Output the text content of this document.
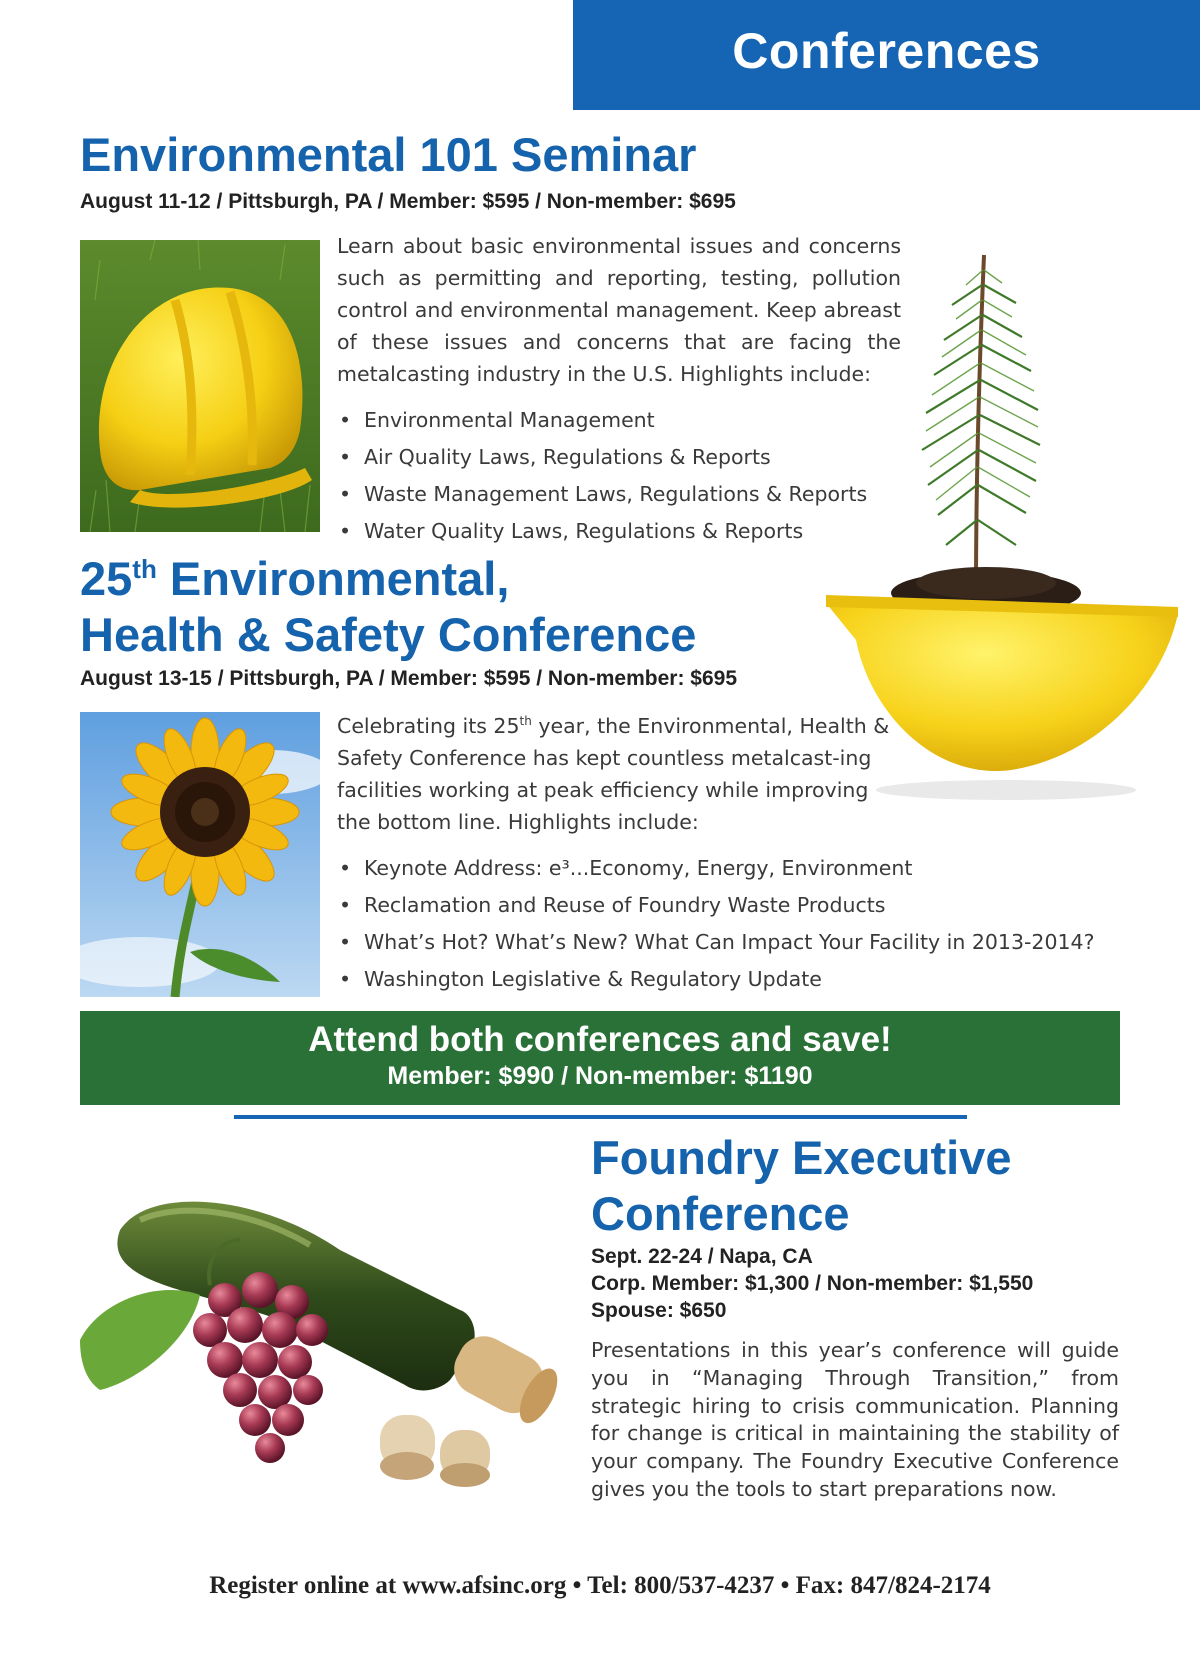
Conferences
Environmental 101 Seminar
August 11-12 / Pittsburgh, PA / Member: $595 / Non-member: $695
Learn about basic environmental issues and concerns such as permitting and reporting, testing, pollution control and environmental management. Keep abreast of these issues and concerns that are facing the metalcasting industry in the U.S. Highlights include:
• Environmental Management
• Air Quality Laws, Regulations & Reports
• Waste Management Laws, Regulations & Reports
• Water Quality Laws, Regulations & Reports
25th Environmental,
Health & Safety Conference
August 13-15 / Pittsburgh, PA / Member: $595 / Non-member: $695
Celebrating its 25th year, the Environmental, Health & Safety Conference has kept countless metalcast-ing facilities working at peak efficiency while improving the bottom line. Highlights include:
• Keynote Address: e³...Economy, Energy, Environment
• Reclamation and Reuse of Foundry Waste Products
• What’s Hot? What’s New? What Can Impact Your Facility in 2013-2014?
• Washington Legislative & Regulatory Update
Attend both conferences and save!
Member: $990 / Non-member: $1190
Foundry Executive
Conference
Sept. 22-24 / Napa, CA
Corp. Member: $1,300 / Non-member: $1,550
Spouse: $650
Presentations in this year’s conference will guide you in “Managing Through Transition,” from strategic hiring to crisis communication. Planning for change is critical in maintaining the stability of your company. The Foundry Executive Conference gives you the tools to start preparations now.
Register online at www.afsinc.org • Tel: 800/537-4237 • Fax: 847/824-2174
